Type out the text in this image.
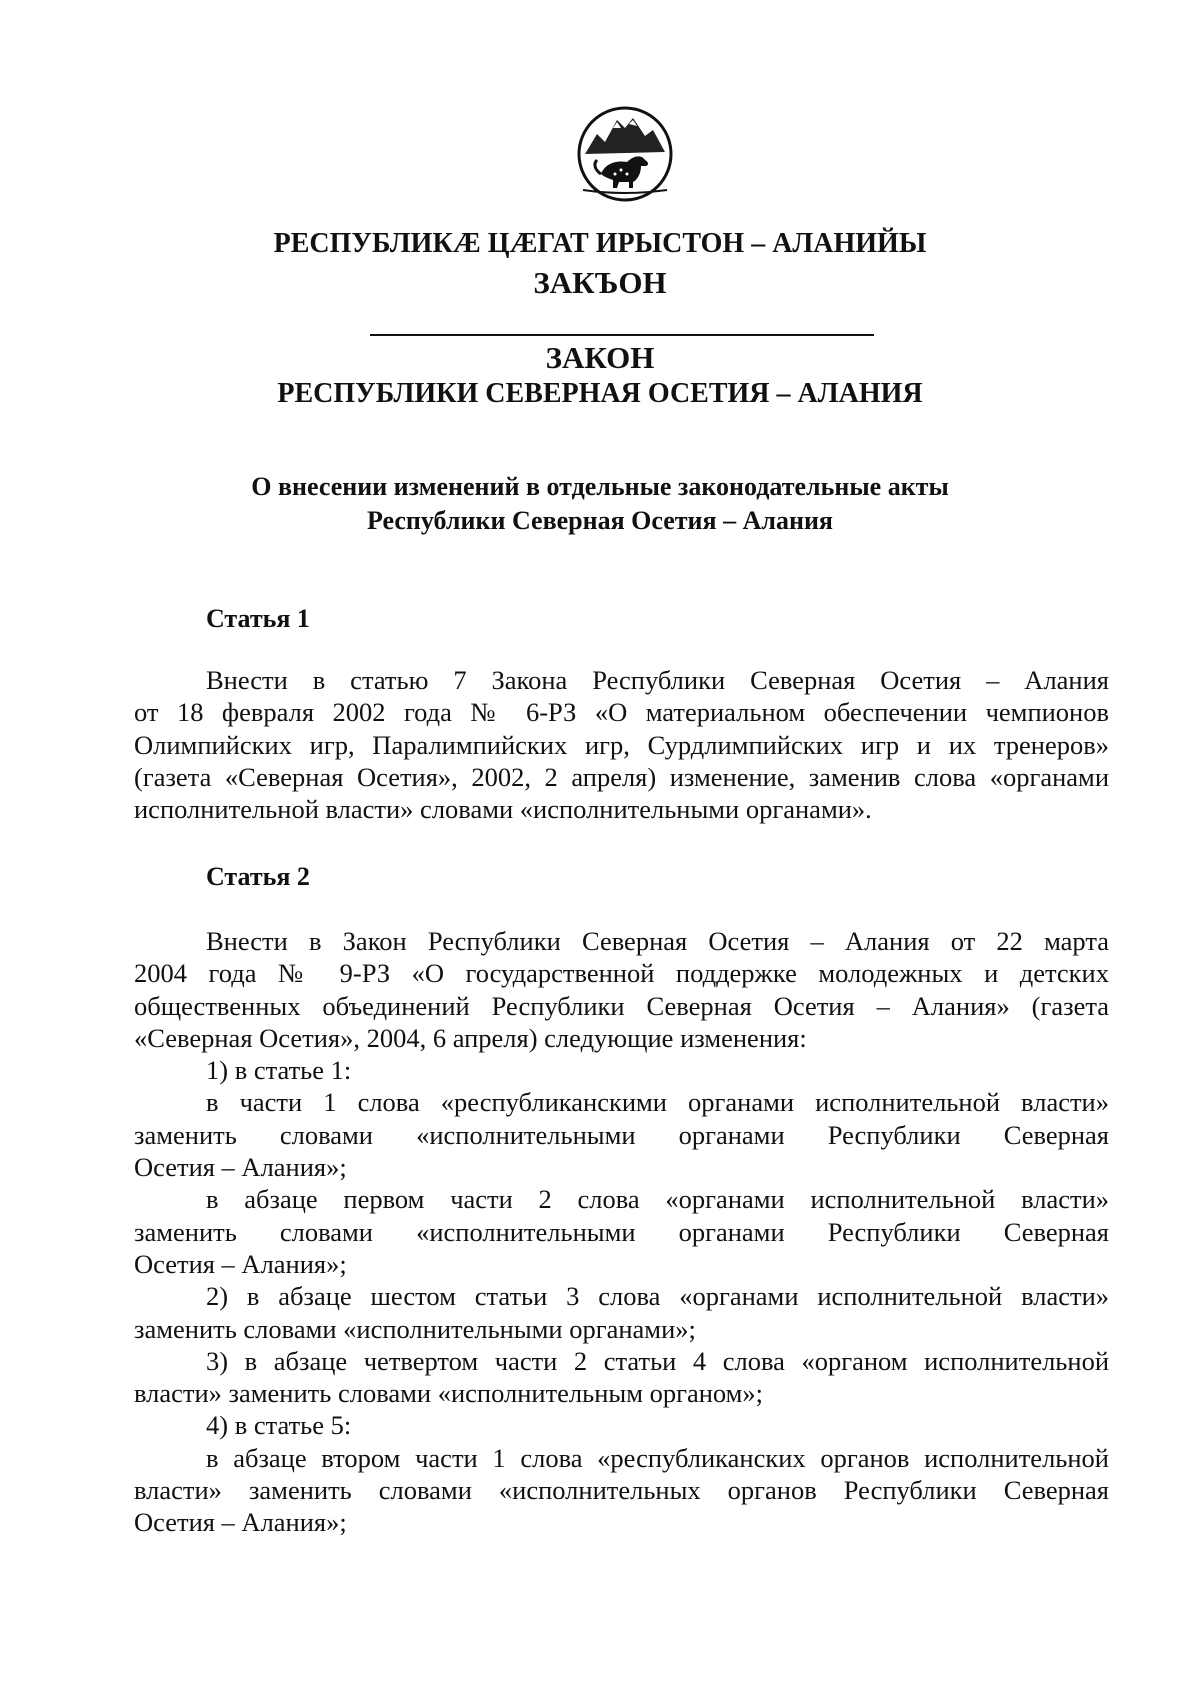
РЕСПУБЛИКÆ ЦÆГАТ ИРЫСТОН – АЛАНИЙЫ
ЗАКЪОН
ЗАКОН
РЕСПУБЛИКИ СЕВЕРНАЯ ОСЕТИЯ – АЛАНИЯ
О внесении изменений в отдельные законодательные акты
Республики Северная Осетия – Алания
Статья 1
Внести в статью 7 Закона Республики Северная Осетия – Алания
от 18 февраля 2002 года № 6-РЗ «О материальном обеспечении чемпионов
Олимпийских игр, Паралимпийских игр, Сурдлимпийских игр и их тренеров»
(газета «Северная Осетия», 2002, 2 апреля) изменение, заменив слова «органами
исполнительной власти» словами «исполнительными органами».
Статья 2
Внести в Закон Республики Северная Осетия – Алания от 22 марта
2004 года № 9-РЗ «О государственной поддержке молодежных и детских
общественных объединений Республики Северная Осетия – Алания» (газета
«Северная Осетия», 2004, 6 апреля) следующие изменения:
1) в статье 1:
в части 1 слова «республиканскими органами исполнительной власти»
заменить словами «исполнительными органами Республики Северная
Осетия – Алания»;
в абзаце первом части 2 слова «органами исполнительной власти»
заменить словами «исполнительными органами Республики Северная
Осетия – Алания»;
2) в абзаце шестом статьи 3 слова «органами исполнительной власти»
заменить словами «исполнительными органами»;
3) в абзаце четвертом части 2 статьи 4 слова «органом исполнительной
власти» заменить словами «исполнительным органом»;
4) в статье 5:
в абзаце втором части 1 слова «республиканских органов исполнительной
власти» заменить словами «исполнительных органов Республики Северная
Осетия – Алания»;
